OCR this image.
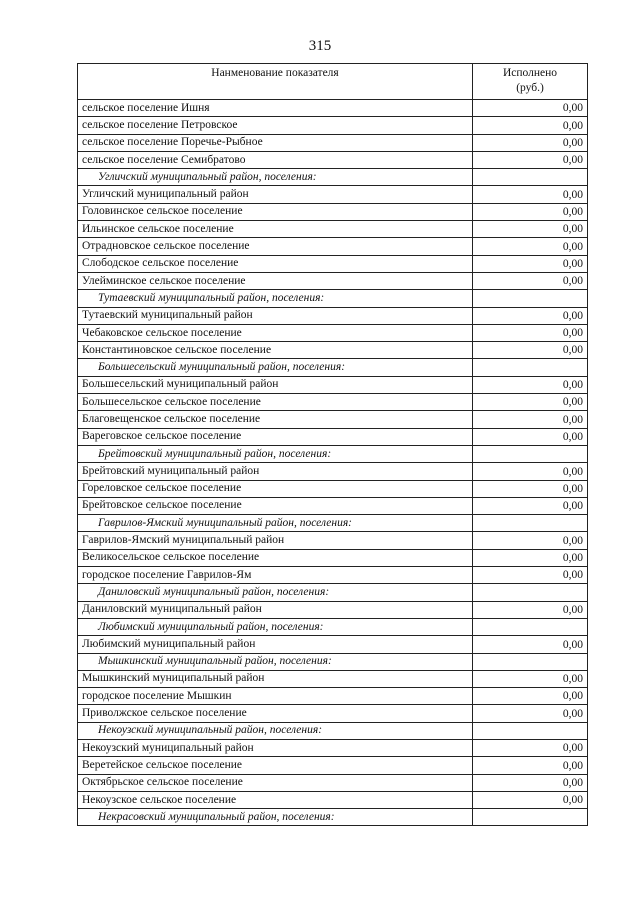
315
Нанменование показателя	Исполнено
(руб.)

сельское поселение Ишня	0,00
сельское поселение Петровское	0,00
сельское поселение Поречье-Рыбное	0,00
сельское поселение Семибратово	0,00
Угличский муниципальный район, поселения:	
Угличский муниципальный район	0,00
Головинское сельское поселение	0,00
Ильинское сельское поселение	0,00
Отрадновское сельское поселение	0,00
Слободское сельское поселение	0,00
Улейминское сельское поселение	0,00
Тутаевский муниципальный район, поселения:	
Тутаевский муниципальный район	0,00
Чебаковское сельское поселение	0,00
Константиновское сельское поселение	0,00
Большесельский муниципальный район, поселения:	
Большесельский муниципальный район	0,00
Большесельское сельское поселение	0,00
Благовещенское сельское поселение	0,00
Вареговское сельское поселение	0,00
Брейтовский муниципальный район, поселения:	
Брейтовский муниципальный район	0,00
Гореловское сельское поселение	0,00
Брейтовское сельское поселение	0,00
Гаврилов-Ямский муниципальный район, поселения:	
Гаврилов-Ямский муниципальный район	0,00
Великосельское сельское поселение	0,00
городское поселение Гаврилов-Ям	0,00
Даниловский муниципальный район, поселения:	
Даниловский муниципальный район	0,00
Любимский муниципальный район, поселения:	
Любимский муниципальный район	0,00
Мышкинский муниципальный район, поселения:	
Мышкинский муниципальный район	0,00
городское поселение Мышкин	0,00
Приволжское сельское поселение	0,00
Некоузский муниципальный район, поселения:	
Некоузский муниципальный район	0,00
Веретейское сельское поселение	0,00
Октябрьское сельское поселение	0,00
Некоузское сельское поселение	0,00
Некрасовский муниципальный район, поселения:	
